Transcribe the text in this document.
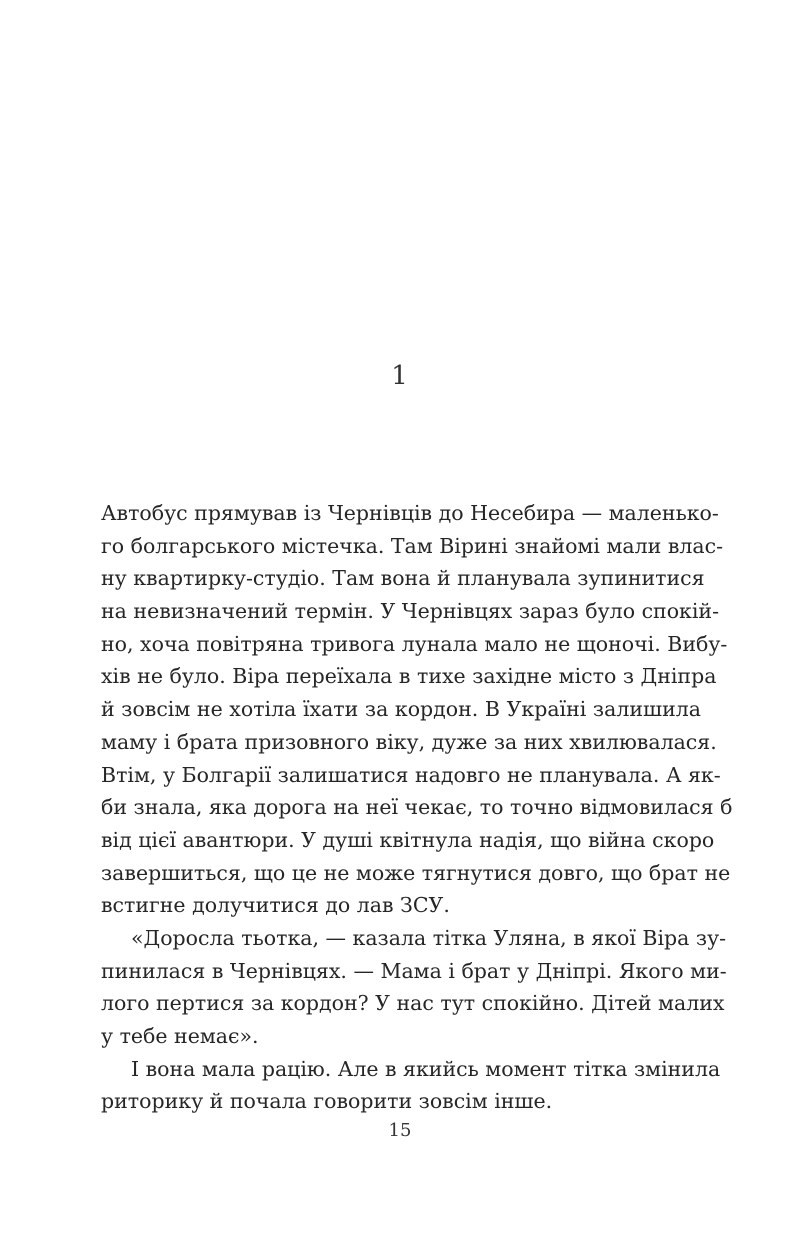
1
Автобус прямував із Чернівців до Несебира — маленько-
го болгарського містечка. Там Вірині знайомі мали влас-
ну квартирку-студіо. Там вона й планувала зупинитися
на невизначений термін. У Чернівцях зараз було спокій-
но, хоча повітряна тривога лунала мало не щоночі. Вибу-
хів не було. Віра переїхала в тихе західне місто з Дніпра
й зовсім не хотіла їхати за кордон. В Україні залишила
маму і брата призовного віку, дуже за них хвилювалася.
Втім, у Болгарії залишатися надовго не планувала. А як-
би знала, яка дорога на неї чекає, то точно відмовилася б
від цієї авантюри. У душі квітнула надія, що війна скоро
завершиться, що це не може тягнутися довго, що брат не
встигне долучитися до лав ЗСУ.
«Доросла тьотка, — казала тітка Уляна, в якої Віра зу-
пинилася в Чернівцях. — Мама і брат у Дніпрі. Якого ми-
лого пертися за кордон? У нас тут спокійно. Дітей малих
у тебе немає».
І вона мала рацію. Але в якийсь момент тітка змінила
риторику й почала говорити зовсім інше.
15
